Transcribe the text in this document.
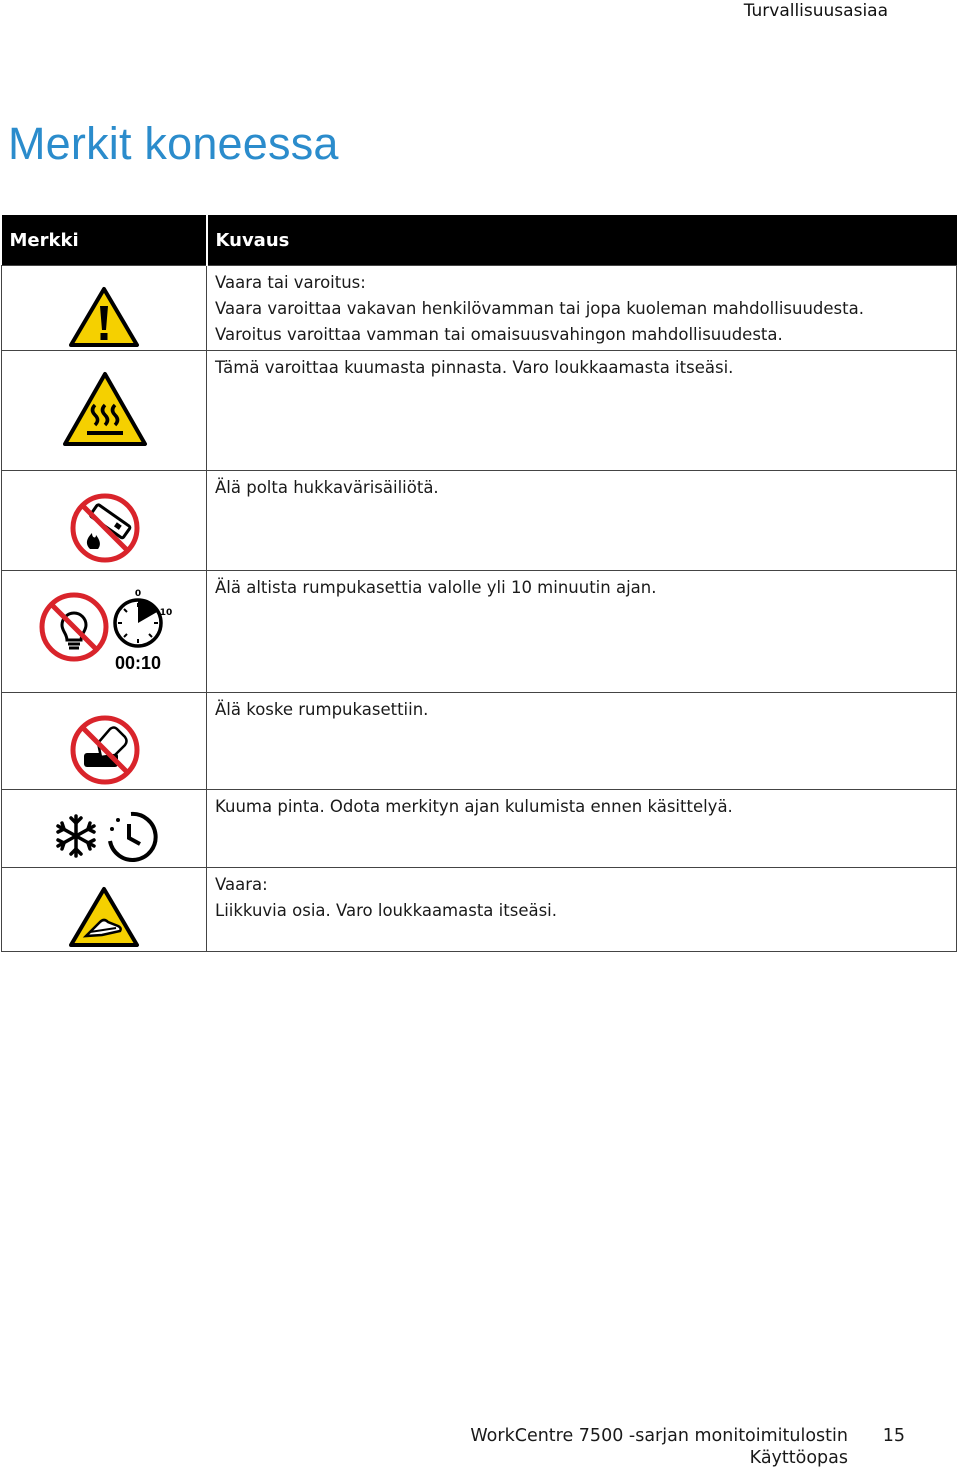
Turvallisuusasiaa
Merkit koneessa
Merkki	Kuvaus

Vaara tai varoitus:
Vaara varoittaa vakavan henkilövamman tai jopa kuoleman mahdollisuudesta.
Varoitus varoittaa vamman tai omaisuusvahingon mahdollisuudesta.

Tämä varoittaa kuumasta pinnasta. Varo loukkaamasta itseäsi.

Älä polta hukkavärisäiliötä.

0
10
00:10	Älä altista rumpukasettia valolle yli 10 minuutin ajan.

Älä koske rumpukasettiin.

Kuuma pinta. Odota merkityn ajan kulumista ennen käsittelyä.

Vaara:
Liikkuvia osia. Varo loukkaamasta itseäsi.
WorkCentre 7500 -sarjan monitoimitulostin
Käyttöopas
15
